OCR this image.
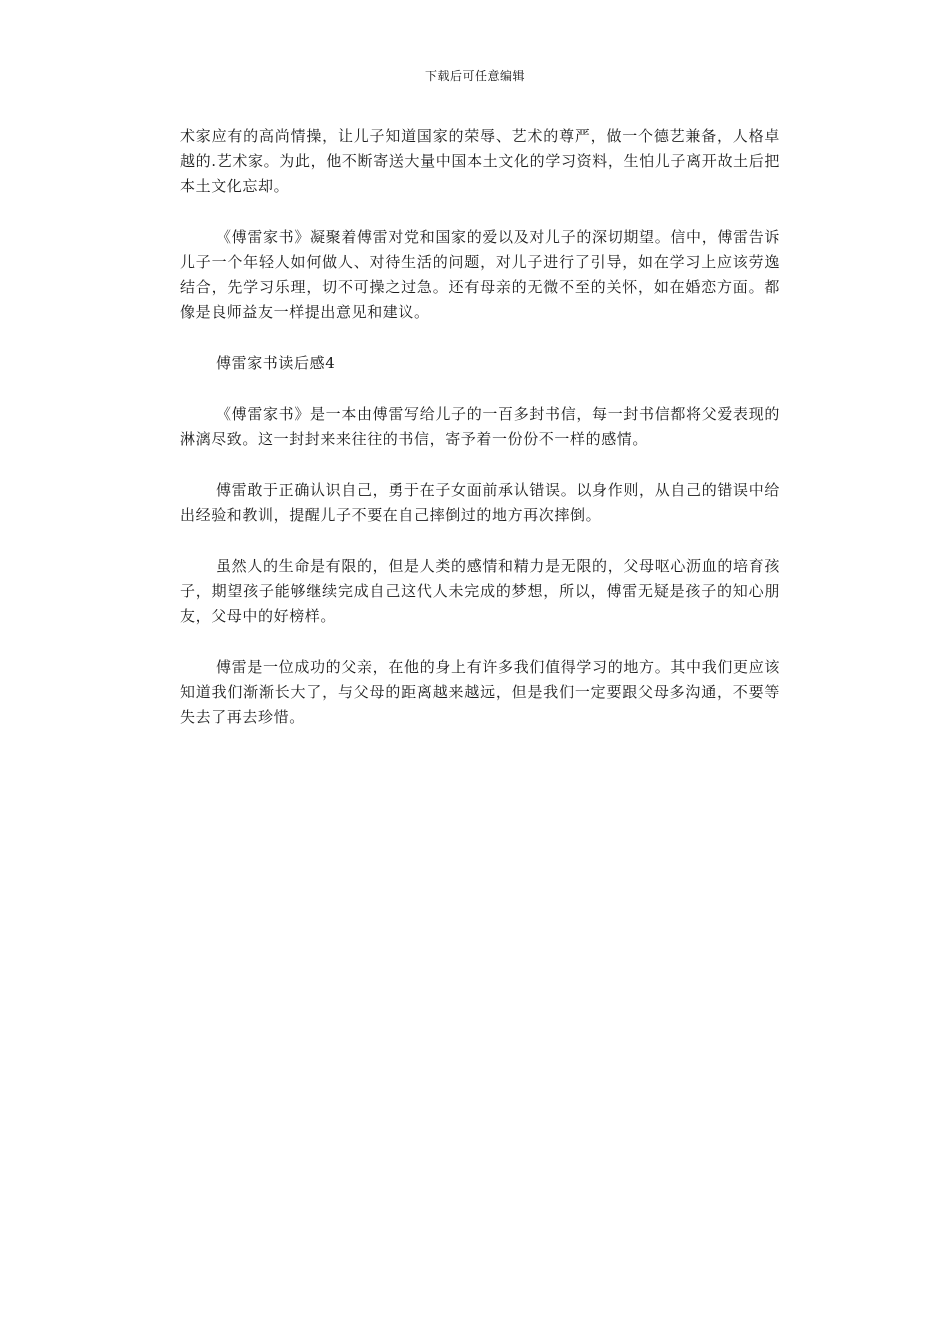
下载后可任意编辑

术家应有的高尚情操，让儿子知道国家的荣辱、艺术的尊严，做一个德艺兼备，人格卓越的.艺术家。为此，他不断寄送大量中国本土文化的学习资料，生怕儿子离开故土后把本土文化忘却。

《傅雷家书》凝聚着傅雷对党和国家的爱以及对儿子的深切期望。信中，傅雷告诉儿子一个年轻人如何做人、对待生活的问题，对儿子进行了引导，如在学习上应该劳逸结合，先学习乐理，切不可操之过急。还有母亲的无微不至的关怀，如在婚恋方面。都像是良师益友一样提出意见和建议。

傅雷家书读后感4

《傅雷家书》是一本由傅雷写给儿子的一百多封书信，每一封书信都将父爱表现的淋漓尽致。这一封封来来往往的书信，寄予着一份份不一样的感情。

傅雷敢于正确认识自己，勇于在子女面前承认错误。以身作则，从自己的错误中给出经验和教训，提醒儿子不要在自己摔倒过的地方再次摔倒。

虽然人的生命是有限的，但是人类的感情和精力是无限的，父母呕心沥血的培育孩子，期望孩子能够继续完成自己这代人未完成的梦想，所以，傅雷无疑是孩子的知心朋友，父母中的好榜样。

傅雷是一位成功的父亲，在他的身上有许多我们值得学习的地方。其中我们更应该知道我们渐渐长大了，与父母的距离越来越远，但是我们一定要跟父母多沟通，不要等失去了再去珍惜。
